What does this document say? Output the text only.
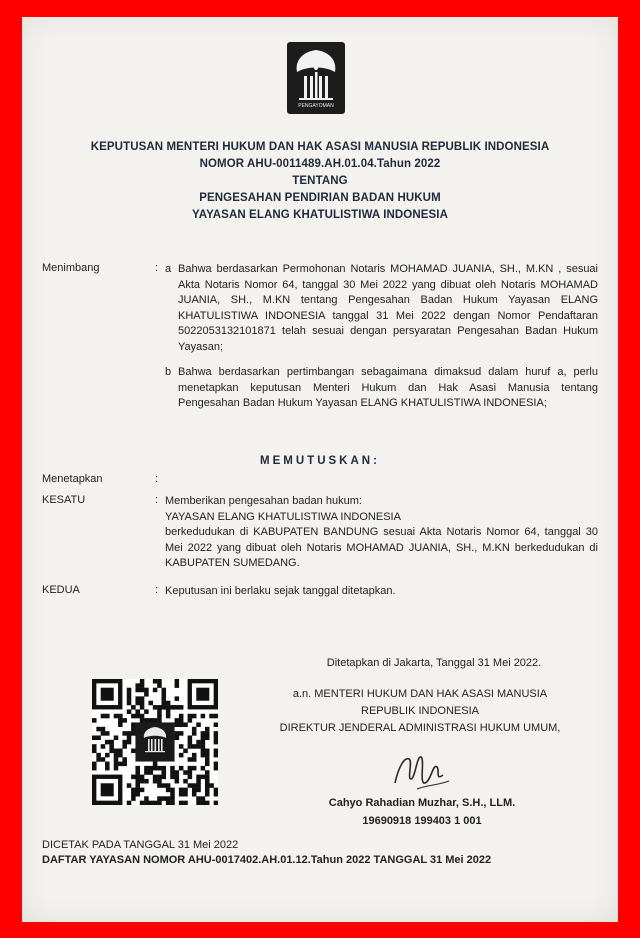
PENGAYOMAN
KEPUTUSAN MENTERI HUKUM DAN HAK ASASI MANUSIA REPUBLIK INDONESIA
NOMOR AHU-0011489.AH.01.04.Tahun 2022
TENTANG
PENGESAHAN PENDIRIAN BADAN HUKUM
YAYASAN ELANG KHATULISTIWA INDONESIA
Menimbang	: a Bahwa berdasarkan Permohonan Notaris MOHAMAD JUANIA, SH., M.KN , sesuai
Akta Notaris Nomor 64, tanggal 30 Mei 2022 yang dibuat oleh Notaris MOHAMAD
JUANIA, SH., M.KN tentang Pengesahan Badan Hukum Yayasan ELANG
KHATULISTIWA INDONESIA tanggal 31 Mei 2022 dengan Nomor Pendaftaran
5022053132101871 telah sesuai dengan persyaratan Pengesahan Badan Hukum
Yayasan;
b Bahwa berdasarkan pertimbangan sebagaimana dimaksud dalam huruf a, perlu
menetapkan keputusan Menteri Hukum dan Hak Asasi Manusia tentang
Pengesahan Badan Hukum Yayasan ELANG KHATULISTIWA INDONESIA;
MEMUTUSKAN:
Menetapkan	:
KESATU	: Memberikan pengesahan badan hukum:
YAYASAN ELANG KHATULISTIWA INDONESIA
berkedudukan di KABUPATEN BANDUNG sesuai Akta Notaris Nomor 64, tanggal 30
Mei 2022 yang dibuat oleh Notaris MOHAMAD JUANIA, SH., M.KN berkedudukan di
KABUPATEN SUMEDANG.
KEDUA	: Keputusan ini berlaku sejak tanggal ditetapkan.
Ditetapkan di Jakarta, Tanggal 31 Mei 2022.
a.n. MENTERI HUKUM DAN HAK ASASI MANUSIA
REPUBLIK INDONESIA
DIREKTUR JENDERAL ADMINISTRASI HUKUM UMUM,
Cahyo Rahadian Muzhar, S.H., LLM.
19690918 199403 1 001
DICETAK PADA TANGGAL 31 Mei 2022
DAFTAR YAYASAN NOMOR AHU-0017402.AH.01.12.Tahun 2022 TANGGAL 31 Mei 2022
